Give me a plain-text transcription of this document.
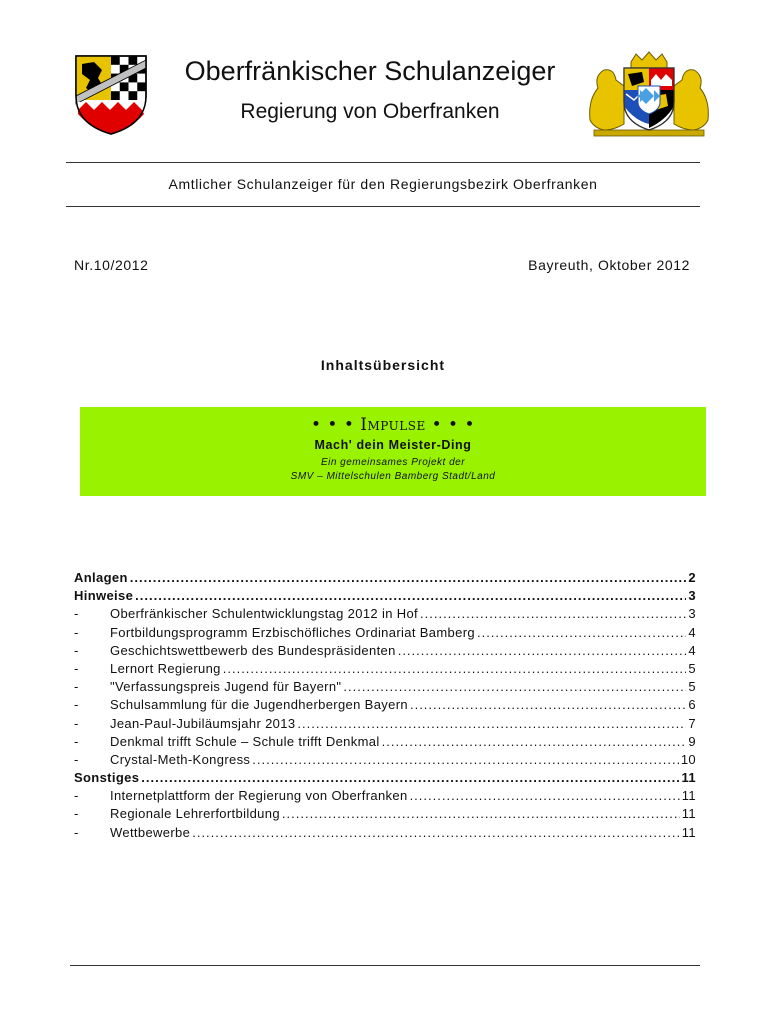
Oberfränkischer Schulanzeiger
Regierung von Oberfranken
Amtlicher Schulanzeiger für den Regierungsbezirk Oberfranken
Nr.10/2012	Bayreuth, Oktober 2012
Inhaltsübersicht
• • • Impulse • • •
Mach' dein Meister-Ding
Ein gemeinsames Projekt der
SMV – Mittelschulen Bamberg Stadt/Land
Anlagen .....	2
Hinweise .....	3
-	Oberfränkischer Schulentwicklungstag 2012 in Hof .....	3
-	Fortbildungsprogramm Erzbischöfliches Ordinariat Bamberg .....	4
-	Geschichtswettbewerb des Bundespräsidenten .....	4
-	Lernort Regierung .....	5
-	"Verfassungspreis Jugend für Bayern" .....	5
-	Schulsammlung für die Jugendherbergen Bayern .....	6
-	Jean-Paul-Jubiläumsjahr 2013 .....	7
-	Denkmal trifft Schule – Schule trifft Denkmal .....	9
-	Crystal-Meth-Kongress .....	10
Sonstiges .....	11
-	Internetplattform der Regierung von Oberfranken .....	11
-	Regionale Lehrerfortbildung .....	11
-	Wettbewerbe .....	11
